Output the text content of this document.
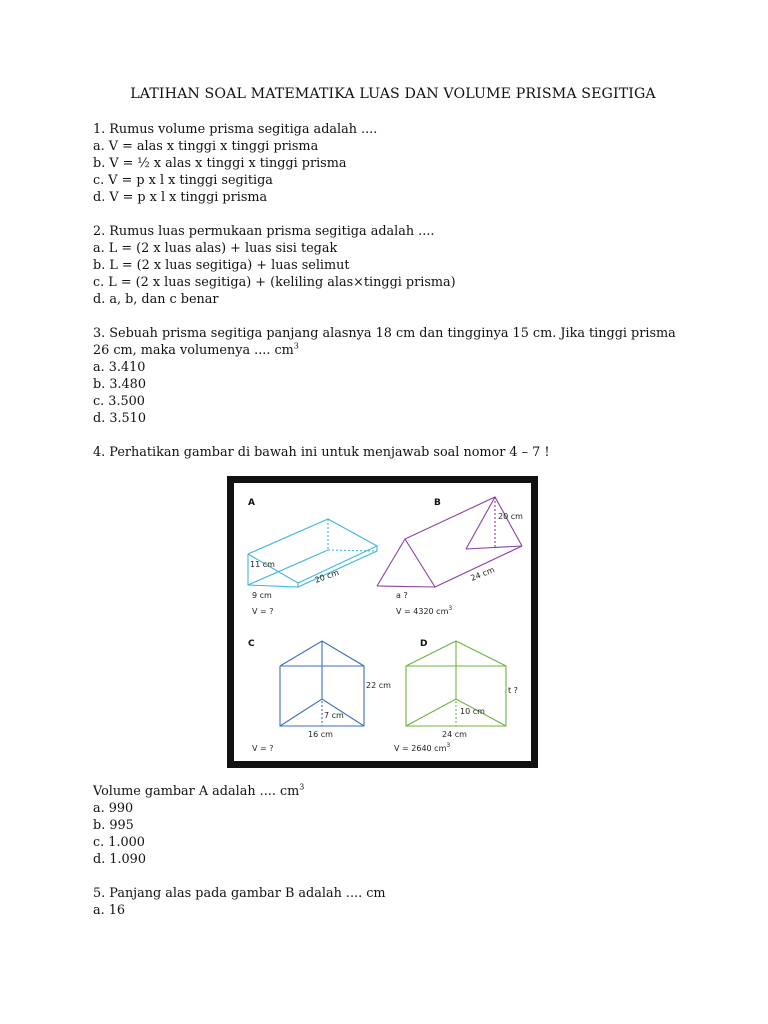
LATIHAN SOAL MATEMATIKA LUAS DAN VOLUME PRISMA SEGITIGA

1. Rumus volume prisma segitiga adalah ....

a. V = alas x tinggi x tinggi prisma

b. V = ½ x alas x tinggi x tinggi prisma

c. V = p x l x tinggi segitiga

d. V = p x l x tinggi prisma

2. Rumus luas permukaan prisma segitiga adalah ....

a. L = (2 x luas alas) + luas sisi tegak

b. L = (2 x luas segitiga) + luas selimut

c. L = (2 x luas segitiga) + (keliling alas×tinggi prisma)

d. a, b, dan c benar

3. Sebuah prisma segitiga panjang alasnya 18 cm dan tingginya 15 cm. Jika tinggi prisma

26 cm, maka volumenya .... $cm^3$

a. 3.410

b. 3.480

c. 3.500

d. 3.510

4. Perhatikan gambar di bawah ini untuk menjawab soal nomor 4 – 7 !

A
11 cm
20 cm
9 cm
V = ?
B
20 cm
24 cm
a ?
V = 4320 $cm^3$
C
22 cm
7 cm
16 cm
V = ?
D
t ?
10 cm
24 cm
V = 2640 $cm^3$

Volume gambar A adalah .... $cm^3$

a. 990

b. 995

c. 1.000

d. 1.090

5. Panjang alas pada gambar B adalah .... cm

a. 16
